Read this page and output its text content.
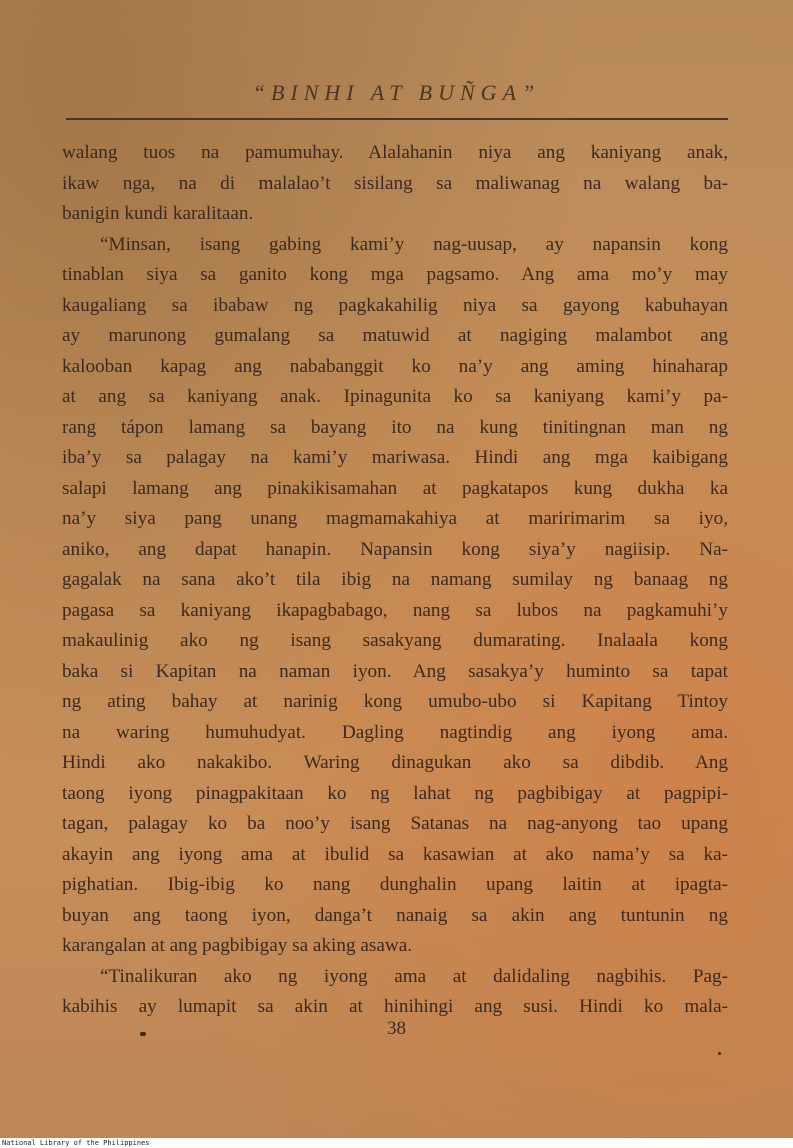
“BINHI AT BUÑGA”
walang tuos na pamumuhay. Alalahanin niya ang kaniyang anak,
ikaw nga, na di malalao’t sisilang sa maliwanag na walang ba-
banigin kundi karalitaan.
“Minsan, isang gabing kami’y nag-uusap, ay napansin kong
tinablan siya sa ganito kong mga pagsamo. Ang ama mo’y may
kaugaliang sa ibabaw ng pagkakahilig niya sa gayong kabuhayan
ay marunong gumalang sa matuwid at nagiging malambot ang
kalooban kapag ang nababanggit ko na’y ang aming hinaharap
at ang sa kaniyang anak. Ipinagunita ko sa kaniyang kami’y pa-
rang tápon lamang sa bayang ito na kung tinitingnan man ng
iba’y sa palagay na kami’y mariwasa. Hindi ang mga kaibigang
salapi lamang ang pinakikisamahan at pagkatapos kung dukha ka
na’y siya pang unang magmamakahiya at maririmarim sa iyo,
aniko, ang dapat hanapin. Napansin kong siya’y nagiisip. Na-
gagalak na sana ako’t tila ibig na namang sumilay ng banaag ng
pagasa sa kaniyang ikapagbabago, nang sa lubos na pagkamuhi’y
makaulinig ako ng isang sasakyang dumarating. Inalaala kong
baka si Kapitan na naman iyon. Ang sasakya’y huminto sa tapat
ng ating bahay at narinig kong umubo-ubo si Kapitang Tintoy
na waring humuhudyat. Dagling nagtindig ang iyong ama.
Hindi ako nakakibo. Waring dinagukan ako sa dibdib. Ang
taong iyong pinagpakitaan ko ng lahat ng pagbibigay at pagpipi-
tagan, palagay ko ba noo’y isang Satanas na nag-anyong tao upang
akayin ang iyong ama at ibulid sa kasawian at ako nama’y sa ka-
pighatian. Ibig-ibig ko nang dunghalin upang laitin at ipagta-
buyan ang taong iyon, danga’t nanaig sa akin ang tuntunin ng
karangalan at ang pagbibigay sa aking asawa.
“Tinalikuran ako ng iyong ama at dalidaling nagbihis. Pag-
kabihis ay lumapit sa akin at hinihingi ang susi. Hindi ko mala-
38
National Library of the Philippines
